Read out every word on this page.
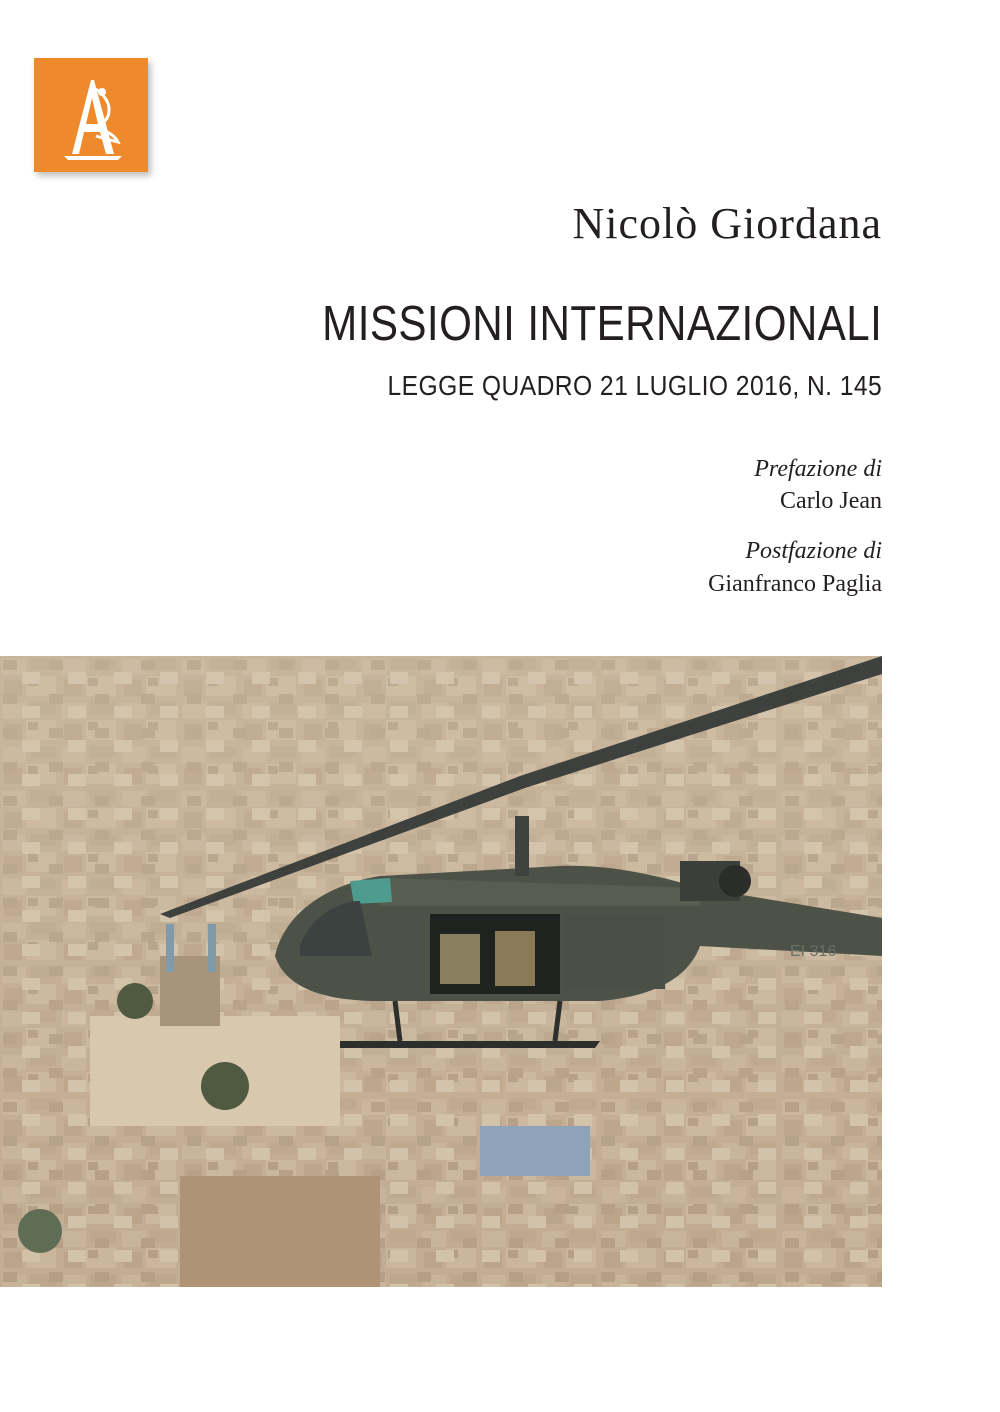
Nicolò Giordana
MISSIONI INTERNAZIONALI
LEGGE QUADRO 21 LUGLIO 2016, N. 145
Prefazione di
Carlo Jean
Postfazione di
Gianfranco Paglia
EI 316
